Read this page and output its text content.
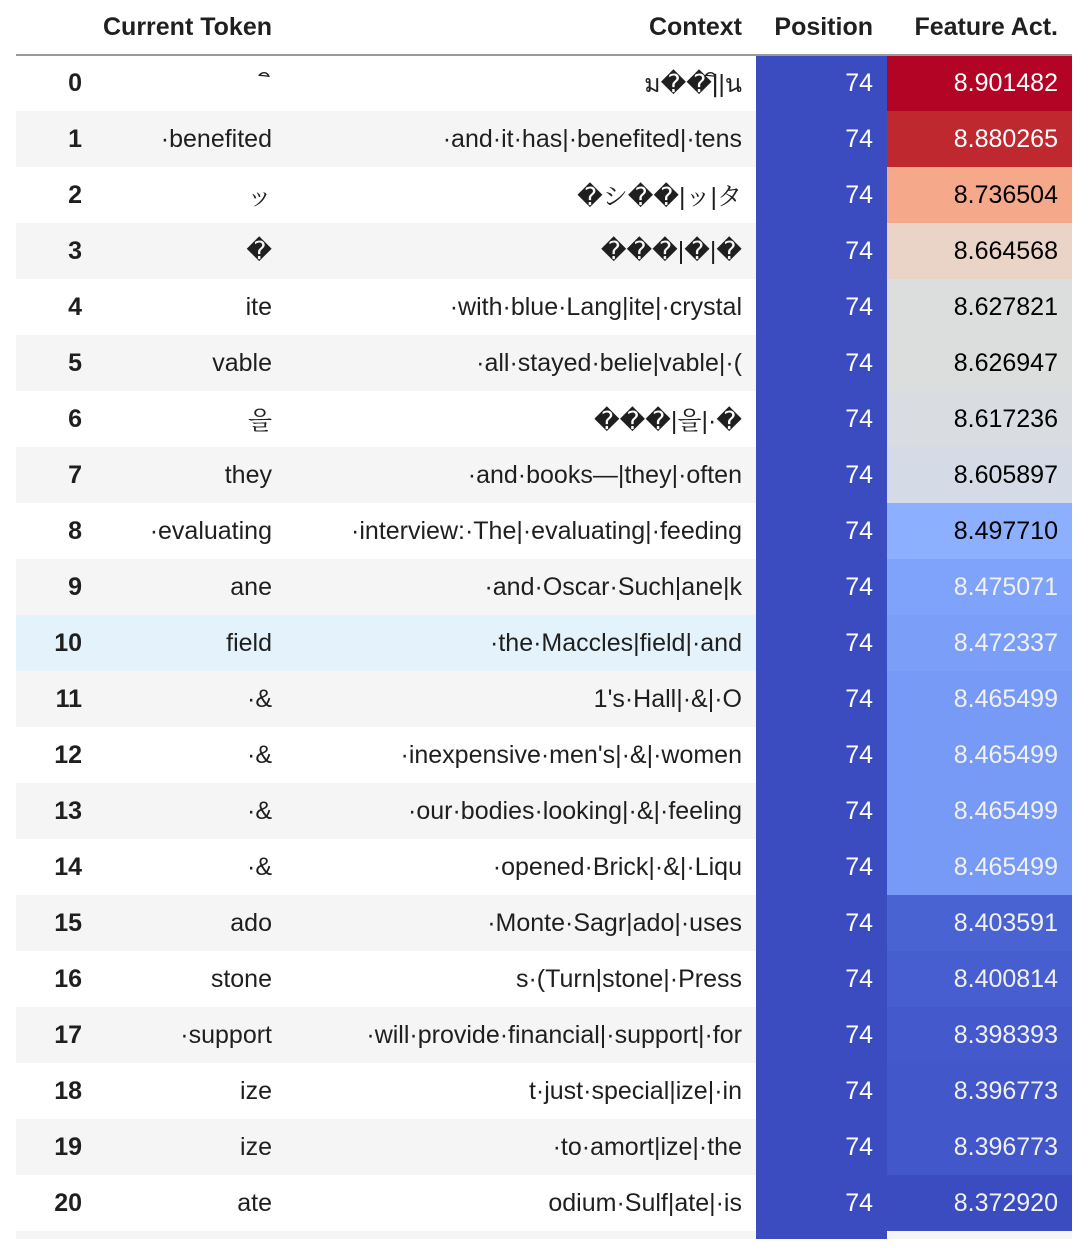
	Current Token	Context	Position	Feature Act.
0		ม��|ิ|น	74	8.901482
1	·benefited	·and·it·has|·benefited|·tens	74	8.880265
2	ッ	�シ��|ッ|タ	74	8.736504
3	�	���|�|�	74	8.664568
4	ite	·with·blue·Lang|ite|·crystal	74	8.627821
5	vable	·all·stayed·belie|vable|·(	74	8.626947
6	을	���|을|·�	74	8.617236
7	they	·and·books—|they|·often	74	8.605897
8	·evaluating	·interview:·The|·evaluating|·feeding	74	8.497710
9	ane	·and·Oscar·Such|ane|k	74	8.475071
10	field	·the·Maccles|field|·and	74	8.472337
11	·&	1's·Hall|·&|·O	74	8.465499
12	·&	·inexpensive·men's|·&|·women	74	8.465499
13	·&	·our·bodies·looking|·&|·feeling	74	8.465499
14	·&	·opened·Brick|·&|·Liqu	74	8.465499
15	ado	·Monte·Sagr|ado|·uses	74	8.403591
16	stone	s·(Turn|stone|·Press	74	8.400814
17	·support	·will·provide·financial|·support|·for	74	8.398393
18	ize	t·just·special|ize|·in	74	8.396773
19	ize	·to·amort|ize|·the	74	8.396773
20	ate	odium·Sulf|ate|·is	74	8.372920
